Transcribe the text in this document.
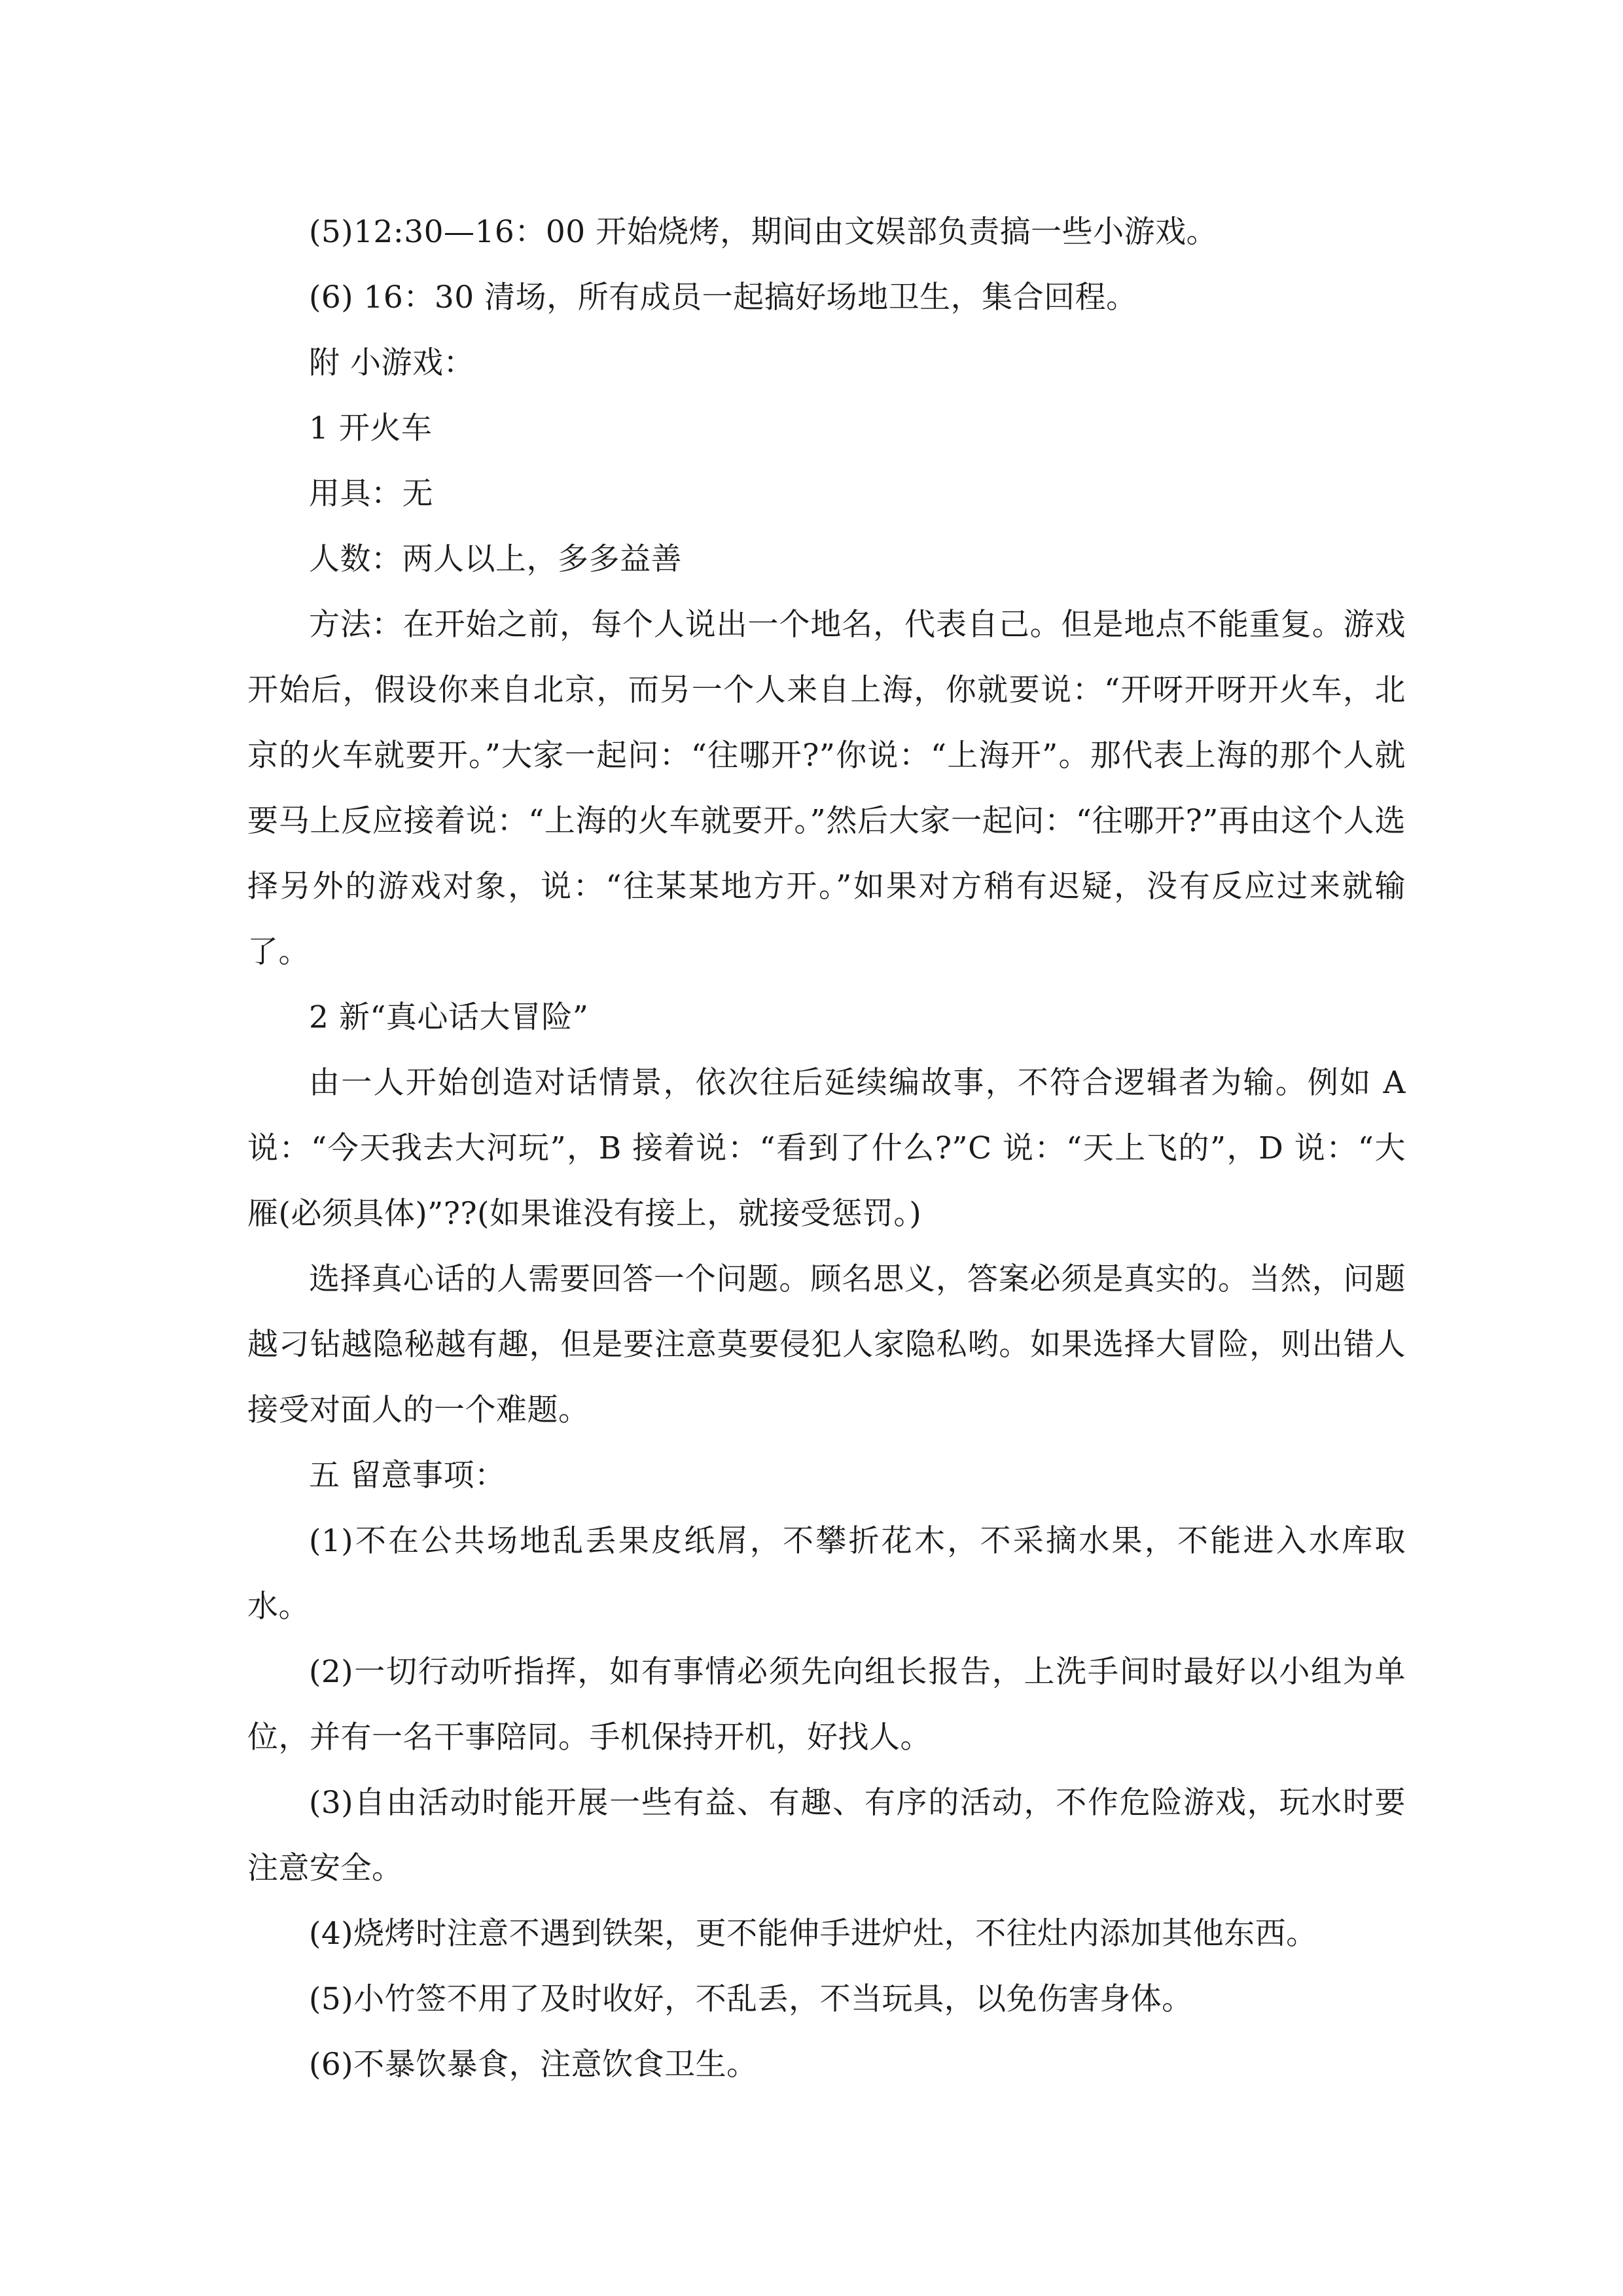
(5)12:30—16：00 开始烧烤，期间由文娱部负责搞一些小游戏。

(6) 16：30 清场，所有成员一起搞好场地卫生，集合回程。

附 小游戏：

1 开火车

用具：无

人数：两人以上，多多益善

方法：在开始之前，每个人说出一个地名，代表自己。但是地点不能重复。游戏开始后，假设你来自北京，而另一个人来自上海，你就要说：“开呀开呀开火车，北京的火车就要开。”大家一起问：“往哪开?”你说：“上海开”。那代表上海的那个人就要马上反应接着说：“上海的火车就要开。”然后大家一起问：“往哪开?”再由这个人选择另外的游戏对象，说：“往某某地方开。”如果对方稍有迟疑，没有反应过来就输了。

2 新“真心话大冒险”

由一人开始创造对话情景，依次往后延续编故事，不符合逻辑者为输。例如 A 说：“今天我去大河玩”，B 接着说：“看到了什么?”C 说：“天上飞的”，D 说：“大雁(必须具体)”??(如果谁没有接上，就接受惩罚。)

选择真心话的人需要回答一个问题。顾名思义，答案必须是真实的。当然，问题越刁钻越隐秘越有趣，但是要注意莫要侵犯人家隐私哟。如果选择大冒险，则出错人接受对面人的一个难题。

五 留意事项：

(1)不在公共场地乱丢果皮纸屑，不攀折花木，不采摘水果，不能进入水库取水。

(2)一切行动听指挥，如有事情必须先向组长报告，上洗手间时最好以小组为单位，并有一名干事陪同。手机保持开机，好找人。

(3)自由活动时能开展一些有益、有趣、有序的活动，不作危险游戏，玩水时要注意安全。

(4)烧烤时注意不遇到铁架，更不能伸手进炉灶，不往灶内添加其他东西。

(5)小竹签不用了及时收好，不乱丢，不当玩具，以免伤害身体。

(6)不暴饮暴食，注意饮食卫生。
